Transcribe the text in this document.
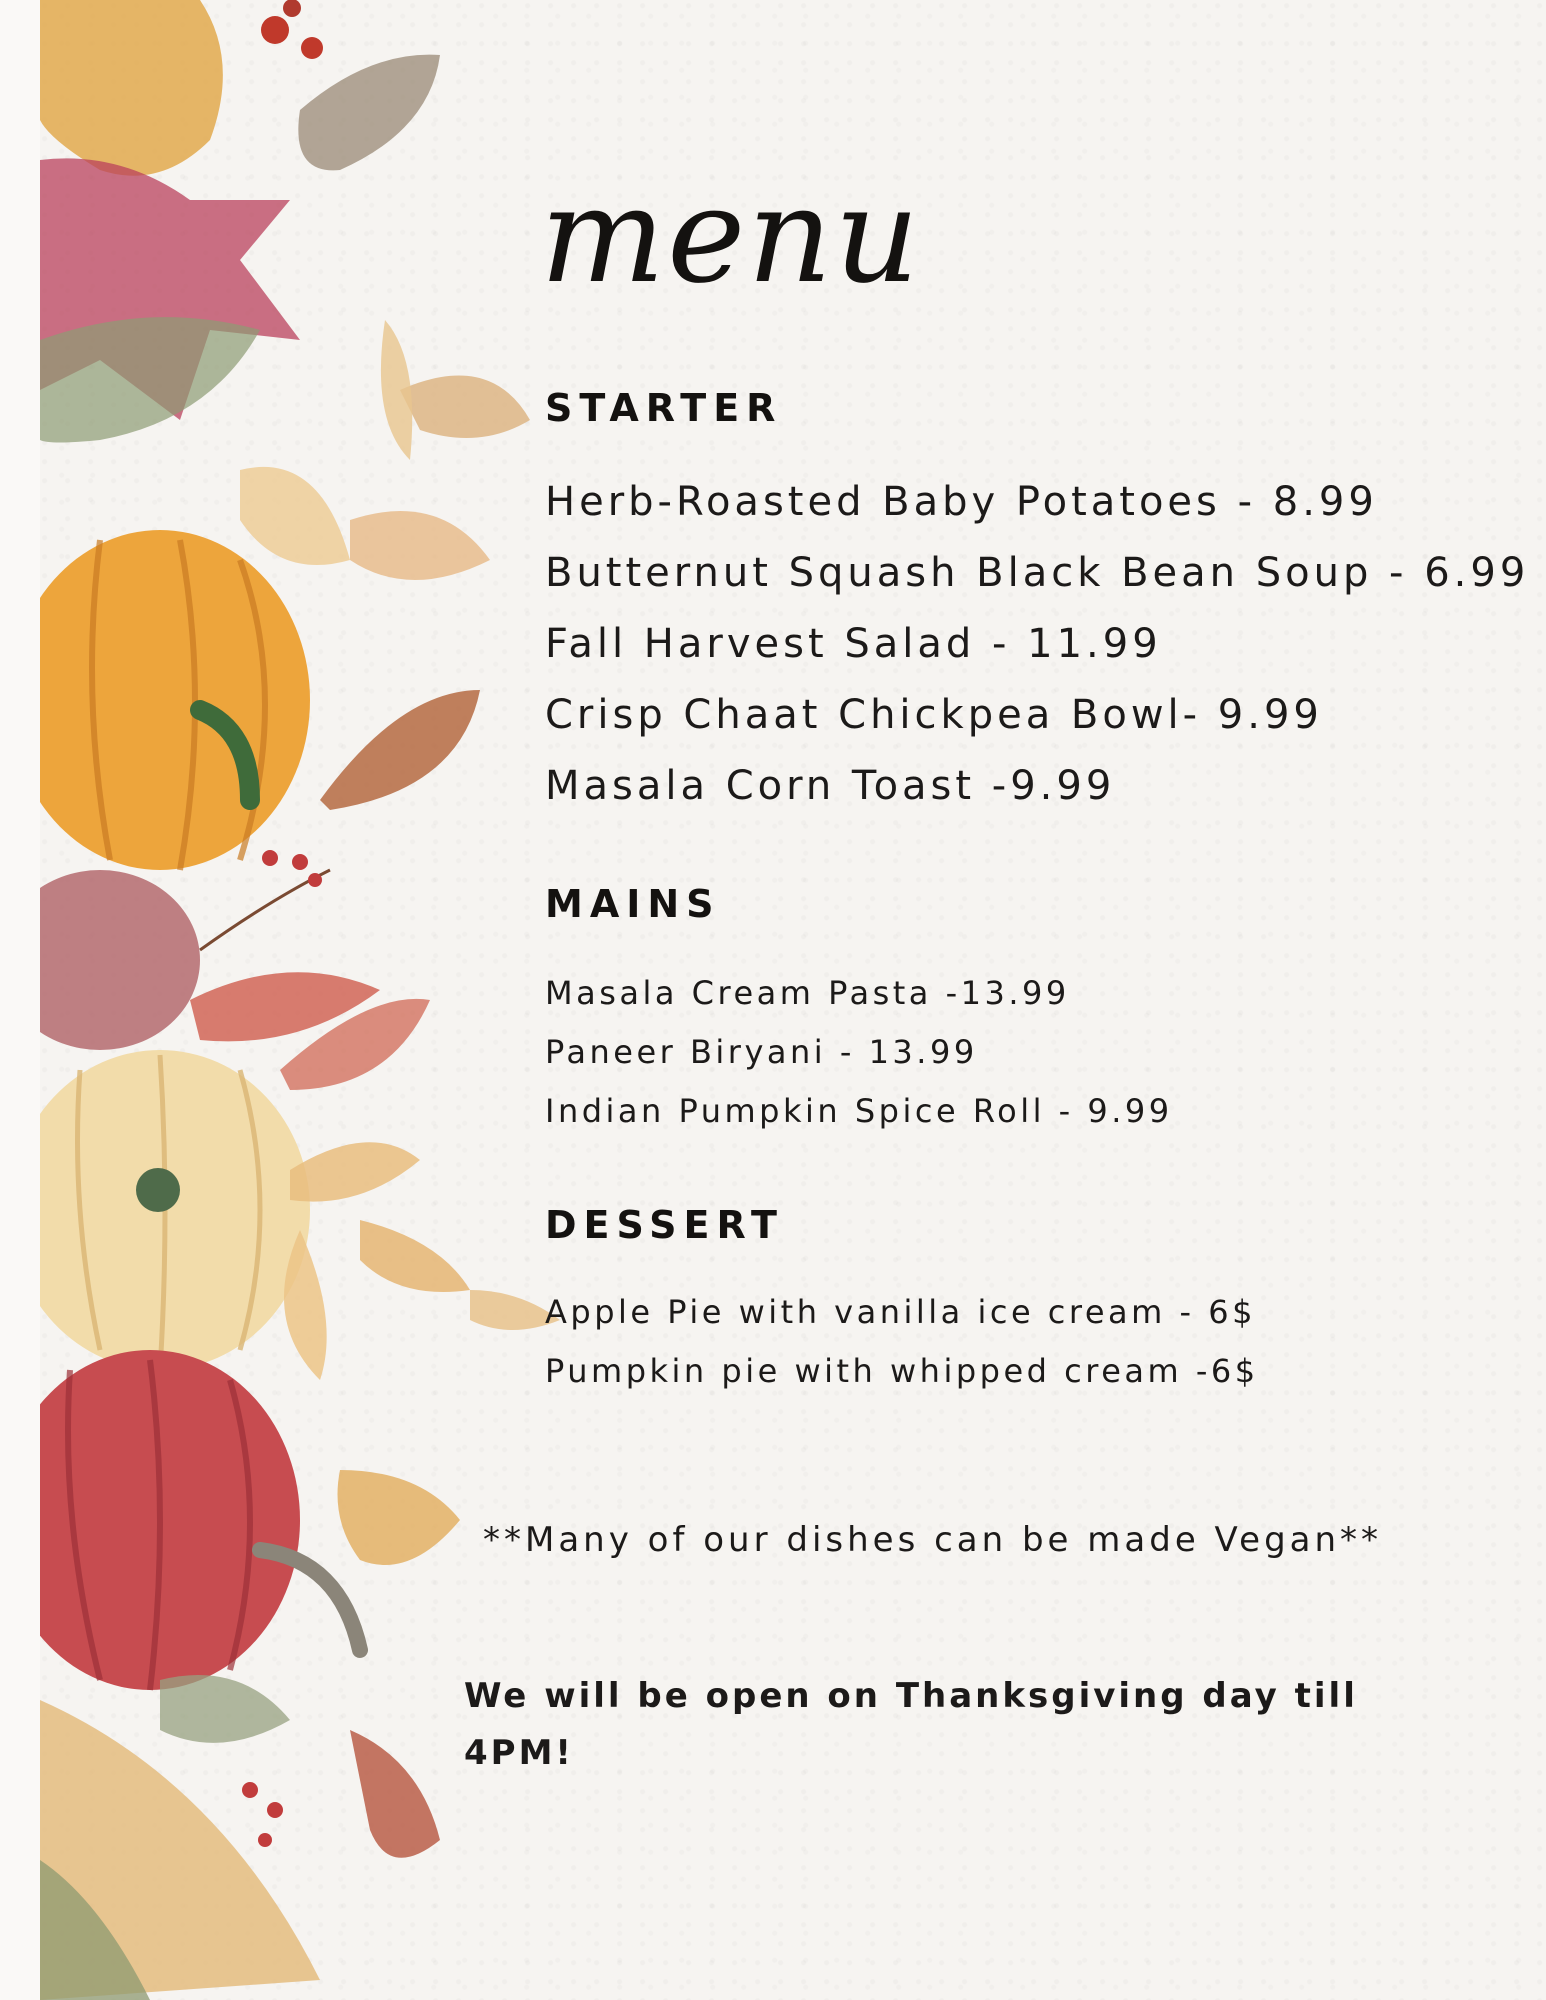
menu
STARTER
Herb-Roasted Baby Potatoes - 8.99
Butternut Squash Black Bean Soup - 6.99
Fall Harvest Salad - 11.99
Crisp Chaat Chickpea Bowl- 9.99
Masala Corn Toast -9.99
MAINS
Masala Cream Pasta -13.99
Paneer Biryani - 13.99
Indian Pumpkin Spice Roll - 9.99
DESSERT
Apple Pie with vanilla ice cream - 6$
Pumpkin pie with whipped cream -6$
**Many of our dishes can be made Vegan**
We will be open on Thanksgiving day till 4PM!
